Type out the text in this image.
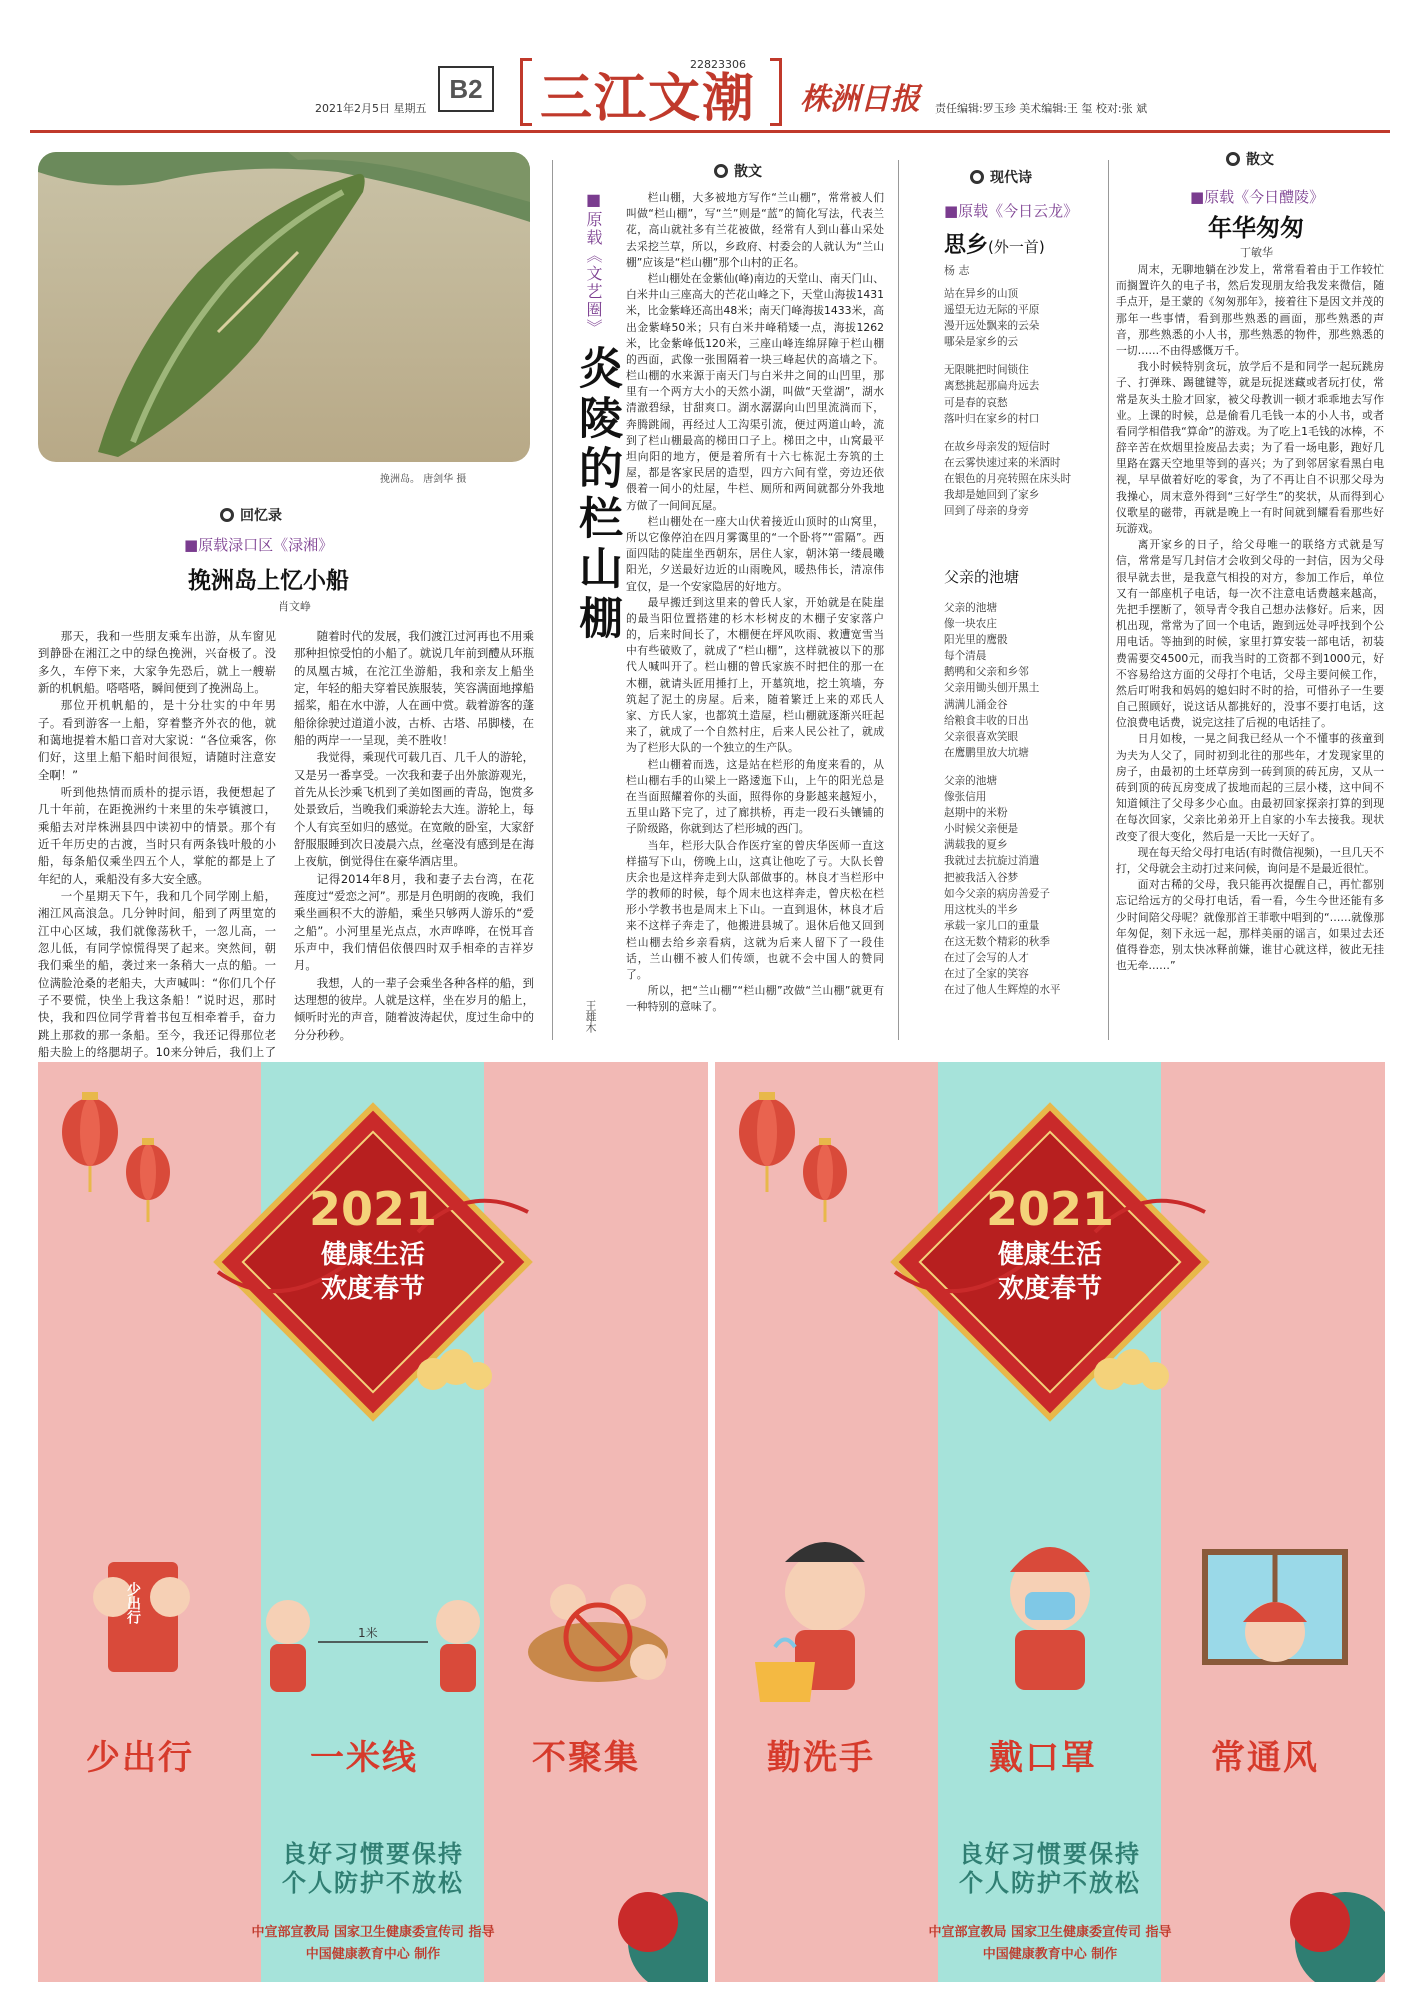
2021年2月5日 星期五
B2 三江文潮
22823306
株洲日报 责任编辑:罗玉珍 美术编辑:王 玺 校对:张 斌
挽洲岛。 唐剑华 摄
回忆录
■原载渌口区《渌湘》
挽洲岛上忆小船
肖文峥

那天，我和一些朋友乘车出游，从车窗见到静卧在湘江之中的绿色挽洲，兴奋极了。没多久，车停下来，大家争先恐后，就上一艘崭新的机帆船。嗒嗒嗒，瞬间便到了挽洲岛上。

那位开机帆船的，是十分壮实的中年男子。看到游客一上船，穿着整齐外衣的他，就和蔼地提着木船口音对大家说：“各位乘客，你们好，这里上船下船时间很短，请随时注意安全啊！”

听到他热情而质朴的提示语，我便想起了几十年前，在距挽洲约十来里的朱亭镇渡口，乘船去对岸株洲县四中读初中的情景。那个有近千年历史的古渡，当时只有两条钱叶般的小船，每条船仅乘坐四五个人，掌舵的都是上了年纪的人，乘船没有多大安全感。

一个星期天下午，我和几个同学刚上船，湘江风高浪急。几分钟时间，船到了两里宽的江中心区域，我们就像荡秋千，一忽儿高，一忽儿低，有同学惊慌得哭了起来。突然间，朝我们乘坐的船，袭过来一条稍大一点的船。一位满脸沧桑的老船夫，大声喊叫：“你们几个仔子不要慌，快坐上我这条船！”说时迟，那时快，我和四位同学背着书包互相牵着手，奋力跳上那救的那一条船。至今，我还记得那位老船夫脸上的络腮胡子。10来分钟后，我们上了

随着时代的发展，我们渡江过河再也不用乘那种担惊受怕的小船了。就说几年前到醴从环瓶的凤凰古城，在沱江坐游船，我和亲友上船坐定，年轻的船夫穿着民族服装，笑容满面地撑船摇桨，船在水中游，人在画中赏。载着游客的蓬船徐徐驶过道道小波，古桥、古塔、吊脚楼，在船的两岸一一呈现，美不胜收！

我觉得，乘现代可载几百、几千人的游轮，又是另一番享受。一次我和妻子出外旅游观光，首先从长沙乘飞机到了美如图画的青岛，饱赏多处景致后，当晚我们乘游轮去大连。游轮上，每个人有宾至如归的感觉。在宽敞的卧室，大家舒舒服服睡到次日凌晨六点，丝毫没有感到是在海上夜航，倒觉得住在豪华酒店里。

记得2014年8月，我和妻子去台湾，在花莲度过“爱恋之河”。那是月色明朗的夜晚，我们乘坐画积不大的游船，乘坐只够两人游乐的“爱之船”。小河里星光点点，水声哗哗，在悦耳音乐声中，我们情侣依偎四时双手相牵的吉祥岁月。

我想，人的一辈子会乘坐各种各样的船，到达理想的彼岸。人就是这样，坐在岁月的船上，倾听时光的声音，随着波涛起伏，度过生命中的分分秒秒。

散文
■原载《文艺圈》
炎陵的栏山棚
王雄木

栏山棚，大多被地方写作“兰山棚”，常常被人们叫做“栏山棚”，写“兰”则是“蓝”的简化写法，代表兰花，高山就社多有兰花被做，经常有人到山暮山采处去采挖兰草，所以，乡政府、村委会的人就认为“兰山棚”应该是“栏山棚”那个山村的正名。

栏山棚处在金紫仙(峰)南边的天堂山、南天门山、白米井山三座高大的芒花山峰之下，天堂山海拔1431米，比金紫峰还高出48米；南天门峰海拔1433米，高出金紫峰50米；只有白米井峰稍矮一点，海拔1262米，比金紫峰低120米，三座山峰连绵屏障于栏山棚的西面，武像一张围隔着一块三峰起伏的高墙之下。栏山棚的水来源于南天门与白米井之间的山凹里，那里有一个两方大小的天然小湖，叫做“天堂湖”，湖水清澈碧绿，甘甜爽口。湖水潺潺向山凹里流淌而下，奔腾跳闹，再经过人工沟渠引流，便过两道山岭，流到了栏山棚最高的梯田口子上。梯田之中，山窝最平坦向阳的地方，便是着所有十六七栋泥土夯筑的土屋，都是客家民居的造型，四方六间有堂，旁边还依偎着一间小的灶屋，牛栏、厕所和两间就都分外我地方做了一间间瓦屋。

栏山棚处在一座大山伏着接近山顶时的山窝里，所以它像停泊在四月雾霭里的“一个卧将”“雷隔”。西面四陆的陡崖坐西朝东，居住人家，朝沐第一缕晨曦阳光，夕送最好边近的山雨晚风，暖热伟长，清凉伟宜仅，是一个安家隐居的好地方。

最早搬迁到这里来的曾氏人家，开始就是在陡崖的最当阳位置搭建的杉木杉树皮的木棚子安家落户的，后来时间长了，木棚便在坪风吹雨、救遭宽雪当中有些破败了，就成了“栏山棚”，这样就被以下的那代人喊叫开了。栏山棚的曾氏家族不时把住的那一在木棚，就请头匠用捶打上，开墓筑地，挖土筑墙，夯筑起了泥土的房屋。后来，随着繁迁上来的邓氏人家、方氏人家，也都筑土造屋，栏山棚就逐渐兴旺起来了，就成了一个自然村庄，后来人民公社了，就成为了栏形大队的一个独立的生产队。

栏山棚着而选，这是站在栏形的角度来看的，从栏山棚右手的山梁上一路逶迤下山，上午的阳光总是在当面照耀着你的头面，照得你的身影越来越短小，五里山路下完了，过了廊拱桥，再走一段石头镶铺的子阶级路，你就到达了栏形城的西门。

当年，栏形大队合作医疗室的曾庆华医师一直这样描写下山，傍晚上山，这真让他吃了亏。大队长曾庆余也是这样奔走到大队部做事的。林良才当栏形中学的教师的时候，每个周末也这样奔走，曾庆松在栏形小学教书也是周末上下山。一直到退休，林良才后来不这样子奔走了，他搬进县城了。退休后他又回到栏山棚去给乡亲看病，这就为后来人留下了一段佳话，兰山棚不被人们传颂，也就不会中国人的赞同了。

所以，把“兰山棚”“栏山棚”改做“兰山棚”就更有一种特别的意味了。

现代诗
■原载《今日云龙》
思乡(外一首)
杨 志
站在异乡的山顶
遥望无边无际的平原
漫开远处飘来的云朵
哪朵是家乡的云
无限眺把时间锁住
离愁挑起那扁舟远去
可是春的哀愁
落叶归在家乡的村口
在故乡母亲发的短信时
在云雾快速过来的米酒时
在银色的月亮转照在床头时
我却是她回到了家乡
回到了母亲的身旁
父亲的池塘
父亲的池塘
像一块农庄
阳光里的鹰骰
每个清晨
鹅鸭和父亲和乡邻
父亲用锄头刨开黑土
满满儿涌金谷
给粮食丰收的日出
父亲很喜欢笑眼
在鹰鹏里放大坑塘
父亲的池塘
像张信用
赵期中的米粉
小时候父亲便是
满载我的夏乡
我就过去抗旋过消遣
把被我活入谷梦
如今父亲的病房善爱子
用这枕头的半乡
承载一家儿口的重量
在这无数个精彩的秋季
在过了会写的人才
在过了全家的笑容
在过了他人生辉煌的水平
散文
■原载《今日醴陵》
年华匆匆
丁敏华

周末，无聊地躺在沙发上，常常看着由于工作较忙而搁置许久的电子书，然后发现朋友给我发来微信，随手点开，是王蒙的《匆匆那年》，接着往下是因文并茂的那年一些事情，看到那些熟悉的画面，那些熟悉的声音，那些熟悉的小人书，那些熟悉的物件，那些熟悉的一切……不由得感慨万千。

我小时候特别贪玩，放学后不是和同学一起玩跳房子、打弹珠、踢毽键等，就是玩捉迷藏或者玩打仗，常常是灰头土脸才回家，被父母教训一顿才乖乖地去写作业。上课的时候，总是偷看几毛钱一本的小人书，或者看同学相借我“算命”的游戏。为了吃上1毛钱的冰棒，不辞辛苦在炊烟里捡废品去卖；为了看一场电影，跑好几里路在露天空地里等到的喜兴；为了到邻居家看黑白电视，早早做着好吃的零食，为了不再让自不识那父母为我操心，周末意外得到“三好学生”的奖状，从而得到心仪歌星的磁带，再就是晚上一有时间就到耀看看那些好玩游戏。

离开家乡的日子，给父母唯一的联络方式就是写信，常常是写几封信才会收到父母的一封信，因为父母很早就去世，是我意气相投的对方，参加工作后，单位又有一部座机子电话，每一次不注意电话费越来越高，先把手摆断了，领导青令我自己想办法修好。后来，因机出现，常常为了回一个电话，跑到远处寻呼找到个公用电话。等抽到的时候，家里打算安装一部电话，初装费需要交4500元，而我当时的工资都不到1000元，好不容易给这方面的父母打个电话，父母主要问候工作，然后叮咐我和妈妈的媳妇时不时的拾，可惜孙子一生要自己照顾好，说这话从都挑好的，没事不要打电话，这位浪费电话费，说完这挂了后视的电话挂了。

日月如梭，一晃之间我已经从一个不懂事的孩童到为夫为人父了，同时初到北往的那些年，才发现家里的房子，由最初的土坯草房到一砖到顶的砖瓦房，又从一砖到顶的砖瓦房变成了拔地而起的三层小楼，这中间不知道倾注了父母多少心血。由最初回家探亲打算的到现在每次回家，父亲比弟弟开上自家的小车去接我。现状改变了很大变化，然后是一天比一天好了。

现在每天给父母打电话(有时微信视频)，一旦几天不打，父母就会主动打过来问候，询问是不是最近很忙。

面对古稀的父母，我只能再次提醒自己，再忙都别忘记给远方的父母打电话，看一看，今生今世还能有多少时间陪父母呢？就像那首王菲歌中唱到的“……就像那年匆促，刻下永远一起，那样美丽的谣言，如果过去还值得眷恋，别太快冰释前嫌，谁甘心就这样，彼此无挂也无牵……”

2021
健康生活
欢度春节
少出行
1米
少出行	一米线	不聚集
良好习惯要保持
个人防护不放松
中宣部宣教局 国家卫生健康委宣传司 指导
中国健康教育中心 制作
2021
健康生活
欢度春节
勤洗手	戴口罩	常通风
良好习惯要保持
个人防护不放松
中宣部宣教局 国家卫生健康委宣传司 指导
中国健康教育中心 制作
